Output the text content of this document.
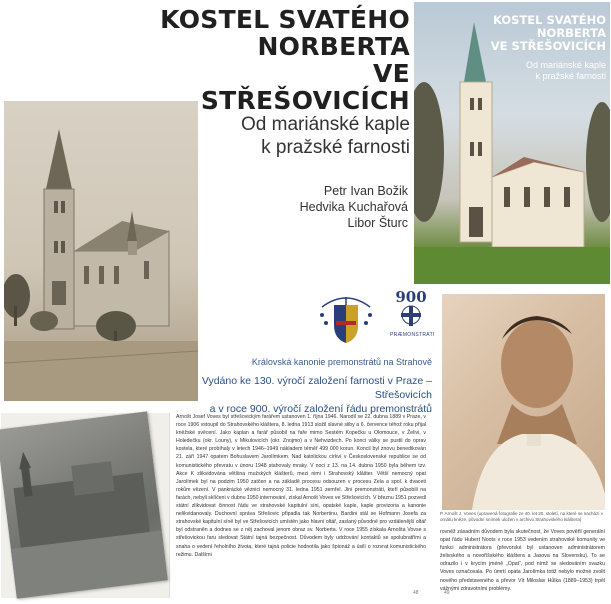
KOSTEL SVATÉHO
NORBERTA
VE STŘEŠOVICÍCH
Od mariánské kaple
k pražské farnosti
Petr Ivan Božik
Hedvika Kuchařová
Libor Šturc
KOSTEL SVATÉHO
NORBERTA
VE STŘEŠOVICÍCH
Od mariánské kaple
k pražské farnosti
900
PRÆMONSTRATI
Královská kanonie premonstrátů na Strahově
Vydáno ke 130. výročí založení farnosti v Praze – Střešovicích
a v roce 900. výročí založení řádu premonstrátů
P. Arnošt J. Voves (upravená fotografie ze 40. let 20. století, na které se nachází v ornátu kněze, původní snímek uložen v archivu Strahovského kláštera)
Arnošt Josef Voves byl střešovickým farářem ustanoven 1. října 1946. Narodil se 22. dubna 1889 v Praze, v roce 1906 vstoupil do Strahovského kláštera, 8. ledna 1913 složil slavné sliby a 6. července téhož roku přijal kněžské svěcení. Jako kaplan a farář působil na faře mimo Sestém Kopečku u Olomouce, v Želivi, v Holedečku (okr. Louny), v Mikulovicích (okr. Znojmo) a v Nehvizdech. Po konci války se pustil do oprav kostela, které probíhaly v letech 1946–1949 nákladem téměř 499 000 korun. Koncil byl znovu benedikován 21. září 1947 opatem Bohuslavem Jarolímkem. Nad katolickou církví v Československé republice se od komunistického převratu v únoru 1948 stahovaly mraky. V noci z 13. na 14. dubna 1950 byla během tzv. Akce K zlikvidována většina mužských klášterů, mezi nimi i Strahovský klášter. Větší nemocný opat Jarolímek byl na podzim 1950 zatčen a na základě procesu odsouzen v procesu Zela a spol. k dvaceti rokům vězení. V pankrácké věznici nemocný 31. ledna 1951 zemřel. Jiní premonstráti, kteří působili na farách, nebyli sklíčeni v dubnu 1950 internování, získal Arnošt Voves ve Střešovicích. V březnu 1951 pozvedl státní zlikvidovat činnost řádu ve strahovské kapitulní síni, opatské kaple, kaple provizoria a kanonie nelikvidanovaly. Duchovní správa Střešovic připadla tak Norbertinu. Bardini stál se Hofmann Josefa za strahovské kapitulní síně byl ve Střešovicích umístěn jako hlavní oltář, zaslaný původně pro vzdálenější oltář byl odstraněn a dodnes se z něj zachoval jenom obraz sv. Norberta. V roce 1955 získala Arnošta Vovse s střešovickou faru sledovat Státní tajná bezpečnost. Důvodem byly udržování kontaktů se spolubratřími a snaha o vedení řeholního života, které tajná policie hodnotila jako špionáž a úsilí o rozvrat komunistického režimu. Dalšími
rovněž zásadním důvodem byla skutečnost, že Voves pověřil generální opat řádu Hubert Noots v roce 1953 vedením strahovské komunity ve funkci administrátora (převorské byl ustanoven administrátorem želivského a novoříšského kláštera a Jasova na Slovensku). To se odrazilo i v krycím jméně „Opat“, pod nímž se sledováním svazku Voves označovala. Po úmrtí opata Jarolímka totiž nebylo možné zvolit nového představeného a převor Vít Miloslav Hůlka (1889–1953) trpěl vážnými zdravotními problémy.
48	49
